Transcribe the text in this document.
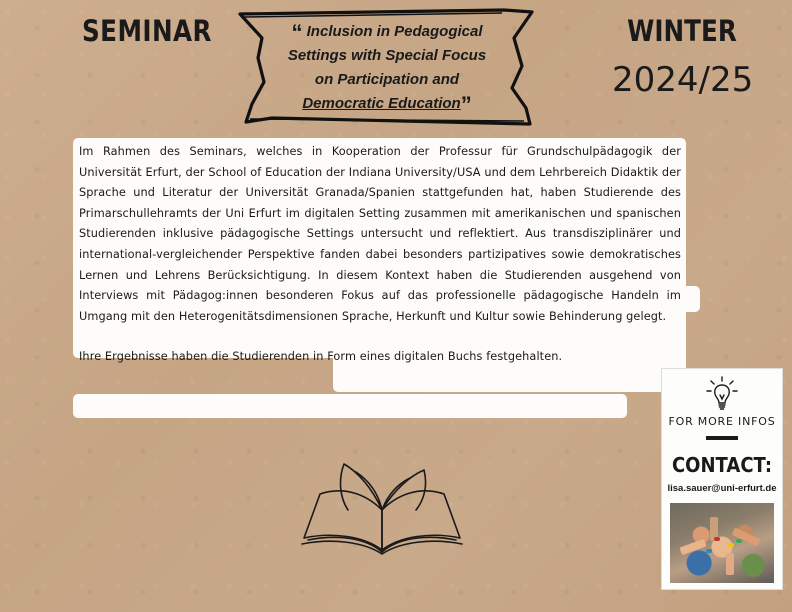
SEMINAR	WINTER
2024/25
“ Inclusion in Pedagogical
Settings with Special Focus
on Participation and
Democratic Education”

Im Rahmen des Seminars, welches in Kooperation der Professur für Grundschulpädagogik der Universität Erfurt, der School of Education der Indiana University/USA und dem Lehrbereich Didaktik der Sprache und Literatur der Universität Granada/Spanien stattgefunden hat, haben Studierende des Primarschullehramts der Uni Erfurt im digitalen Setting zusammen mit amerikanischen und spanischen Studierenden inklusive pädagogische Settings untersucht und reflektiert. Aus transdisziplinärer und international-vergleichender Perspektive fanden dabei besonders partizipatives sowie demokratisches Lernen und Lehrens Berücksichtigung. In diesem Kontext haben die Studierenden ausgehend von Interviews mit Pädagog:innen besonderen Fokus auf das professionelle pädagogische Handeln im Umgang mit den Heterogenitätsdimensionen Sprache, Herkunft und Kultur sowie Behinderung gelegt.

Ihre Ergebnisse haben die Studierenden in Form eines digitalen Buchs festgehalten.

FOR MORE INFOS
CONTACT:
lisa.sauer@uni-erfurt.de
